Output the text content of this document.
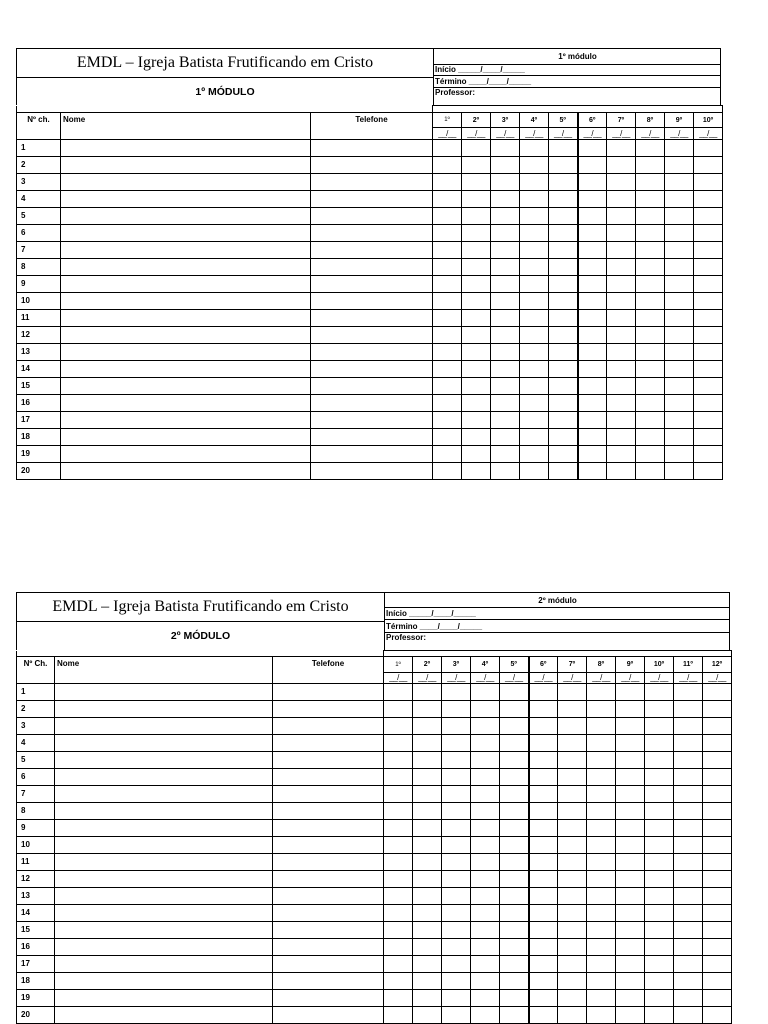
EMDL – Igreja Batista Frutificando em Cristo
1º MÓDULO
1º módulo
Início _____/____/_____
Término ____/____/_____
Professor:

Nº ch.	Nome	Telefone	1º	2º	3º	4º	5º	6º	7º	8º	9º	10º
			__/__	__/__	__/__	__/__	__/__	__/__	__/__	__/__	__/__	__/__
1												
2												
3												
4												
5												
6												
7												
8												
9												
10												
11												
12												
13												
14												
15												
16												
17												
18												
19												
20												
EMDL – Igreja Batista Frutificando em Cristo
2º MÓDULO
2º módulo
Início _____/____/_____
Término ____/____/_____
Professor:

Nº Ch.	Nome	Telefone	1º	2º	3º	4º	5º	6º	7º	8º	9º	10º	11º	12º
			__/__	__/__	__/__	__/__	__/__	__/__	__/__	__/__	__/__	__/__	__/__	__/__
1														
2														
3														
4														
5														
6														
7														
8														
9														
10														
11														
12														
13														
14														
15														
16														
17														
18														
19														
20														
